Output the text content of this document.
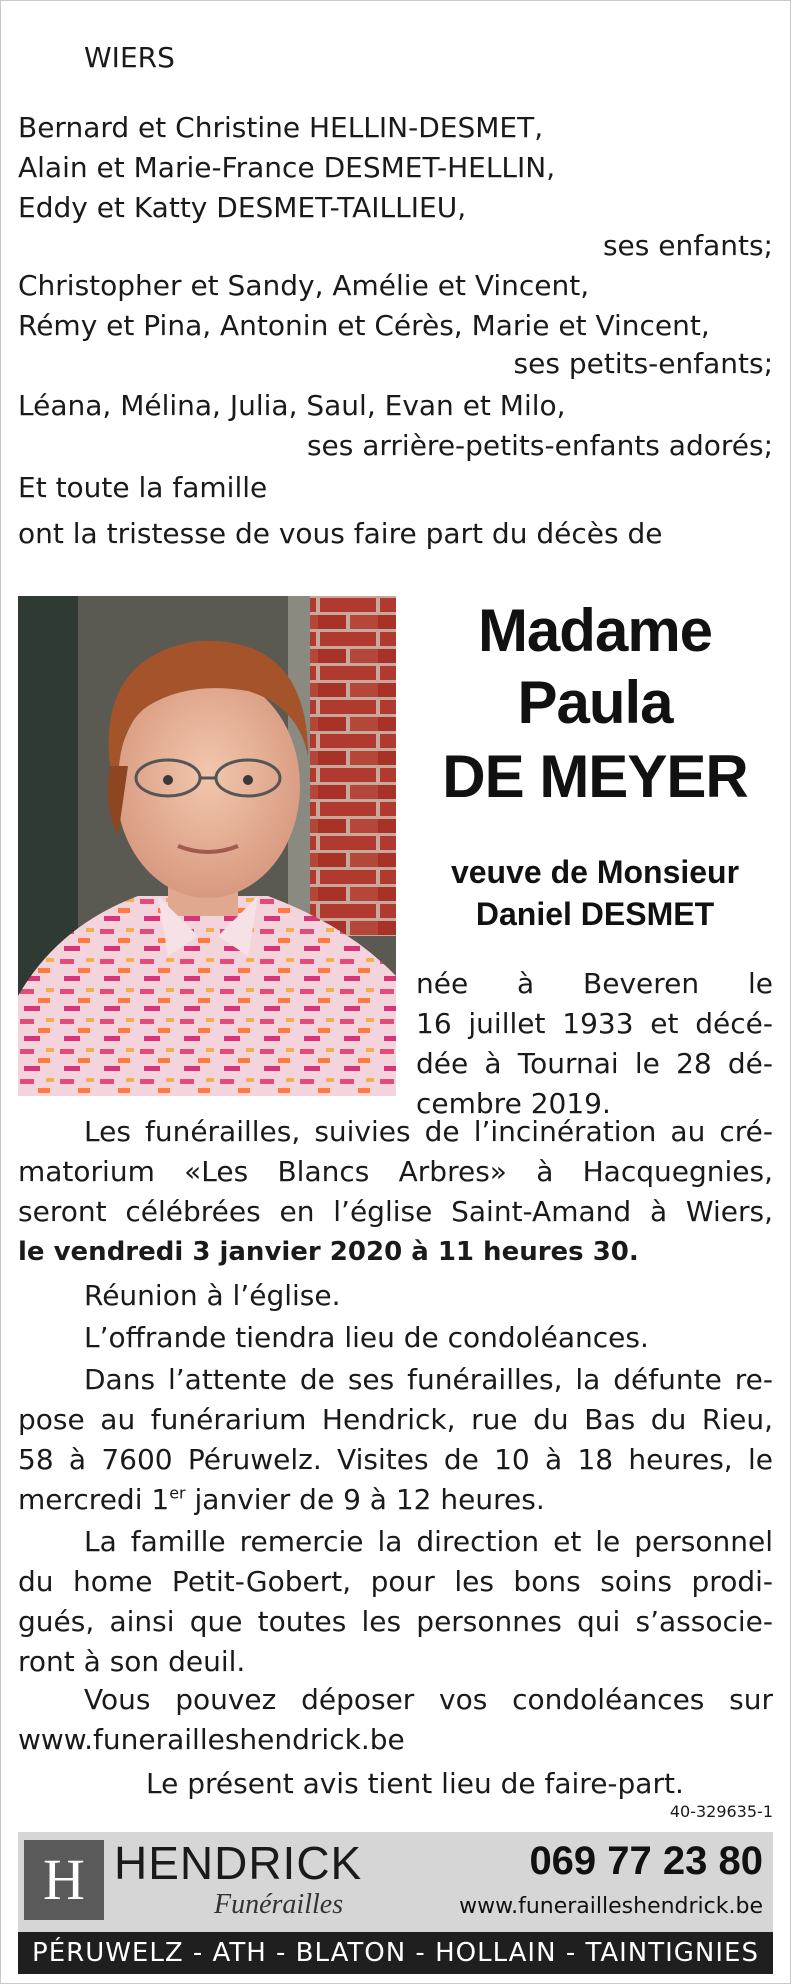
WIERS
Bernard et Christine HELLIN-DESMET,
Alain et Marie-France DESMET-HELLIN,
Eddy et Katty DESMET-TAILLIEU,
ses enfants;
Christopher et Sandy, Amélie et Vincent,
Rémy et Pina, Antonin et Cérès, Marie et Vincent,
ses petits-enfants;
Léana, Mélina, Julia, Saul, Evan et Milo,
ses arrière-petits-enfants adorés;
Et toute la famille
ont la tristesse de vous faire part du décès de
Madame
Paula
DE MEYER
veuve de Monsieur
Daniel DESMET
née à Beveren le
16 juillet 1933 et décé-
dée à Tournai le 28 dé-
cembre 2019.
Les funérailles, suivies de l’incinération au cré-
matorium «Les Blancs Arbres» à Hacquegnies,
seront célébrées en l’église Saint-Amand à Wiers,
le vendredi 3 janvier 2020 à 11 heures 30.
Réunion à l’église.
L’offrande tiendra lieu de condoléances.
Dans l’attente de ses funérailles, la défunte re-
pose au funérarium Hendrick, rue du Bas du Rieu,
58 à 7600 Péruwelz. Visites de 10 à 18 heures, le
mercredi 1er janvier de 9 à 12 heures.
La famille remercie la direction et le personnel
du home Petit-Gobert, pour les bons soins prodi-
gués, ainsi que toutes les personnes qui s’associe-
ront à son deuil.
Vous pouvez déposer vos condoléances sur
www.funerailleshendrick.be
Le présent avis tient lieu de faire-part.
40-329635-1
H HENDRICK
Funérailles
069 77 23 80
www.funerailleshendrick.be
PÉRUWELZ - ATH - BLATON - HOLLAIN - TAINTIGNIES
